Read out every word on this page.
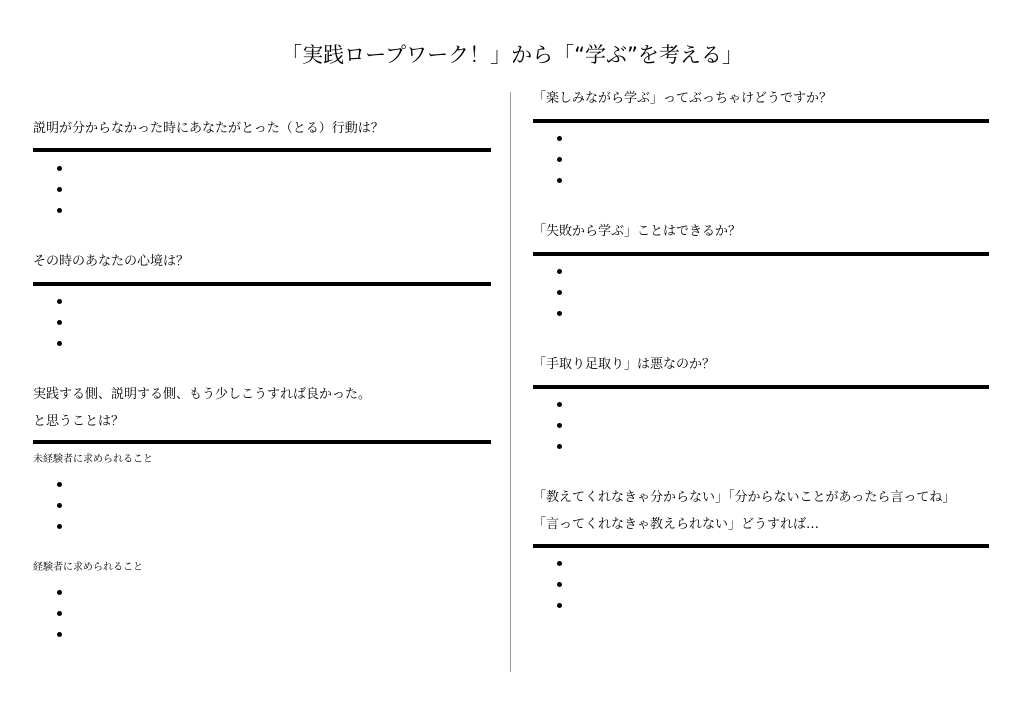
「実践ロープワーク！」から「“学ぶ”を考える」
説明が分からなかった時にあなたがとった（とる）行動は？
その時のあなたの心境は？
実践する側、説明する側、もう少しこうすれば良かった。
と思うことは？
未経験者に求められること
経験者に求められること
「楽しみながら学ぶ」ってぶっちゃけどうですか？
「失敗から学ぶ」ことはできるか？
「手取り足取り」は悪なのか？
「教えてくれなきゃ分からない」「分からないことがあったら言ってね」
「言ってくれなきゃ教えられない」どうすれば…
